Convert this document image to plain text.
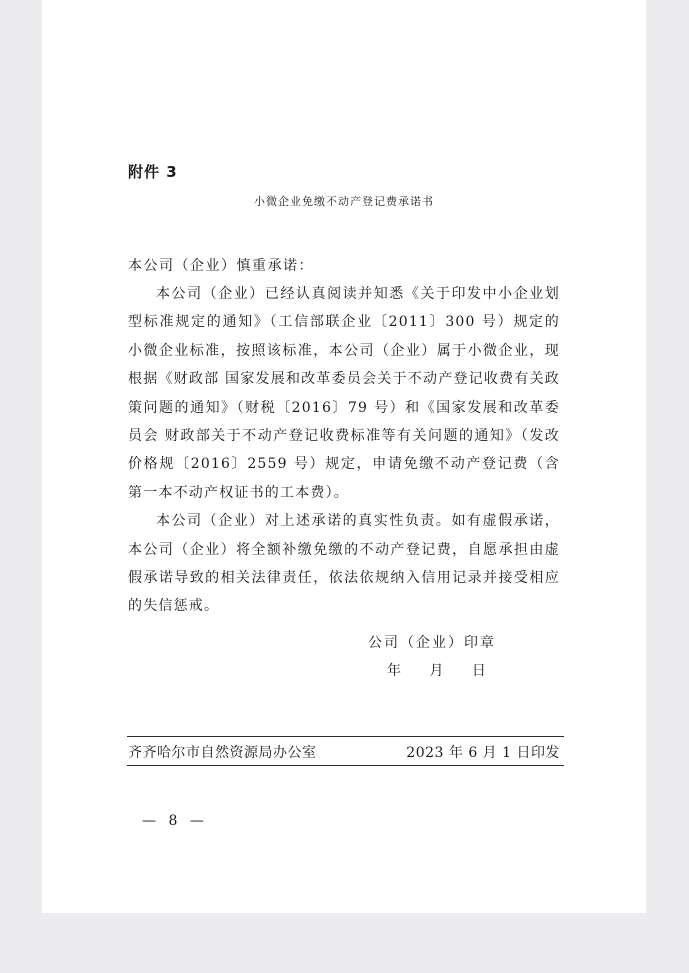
附件 3
小微企业免缴不动产登记费承诺书
本公司（企业）慎重承诺：

本公司（企业）已经认真阅读并知悉《关于印发中小企业划型标准规定的通知》（工信部联企业〔2011〕300 号）规定的小微企业标准，按照该标准，本公司（企业）属于小微企业，现根据《财政部 国家发展和改革委员会关于不动产登记收费有关政策问题的通知》（财税〔2016〕79 号）和《国家发展和改革委员会 财政部关于不动产登记收费标准等有关问题的通知》（发改价格规〔2016〕2559 号）规定，申请免缴不动产登记费（含第一本不动产权证书的工本费）。

本公司（企业）对上述承诺的真实性负责。如有虚假承诺，本公司（企业）将全额补缴免缴的不动产登记费，自愿承担由虚假承诺导致的相关法律责任，依法依规纳入信用记录并接受相应的失信惩戒。

公司（企业）印章
年 月 日
齐齐哈尔市自然资源局办公室	2023 年 6 月 1 日印发
— 8 —
